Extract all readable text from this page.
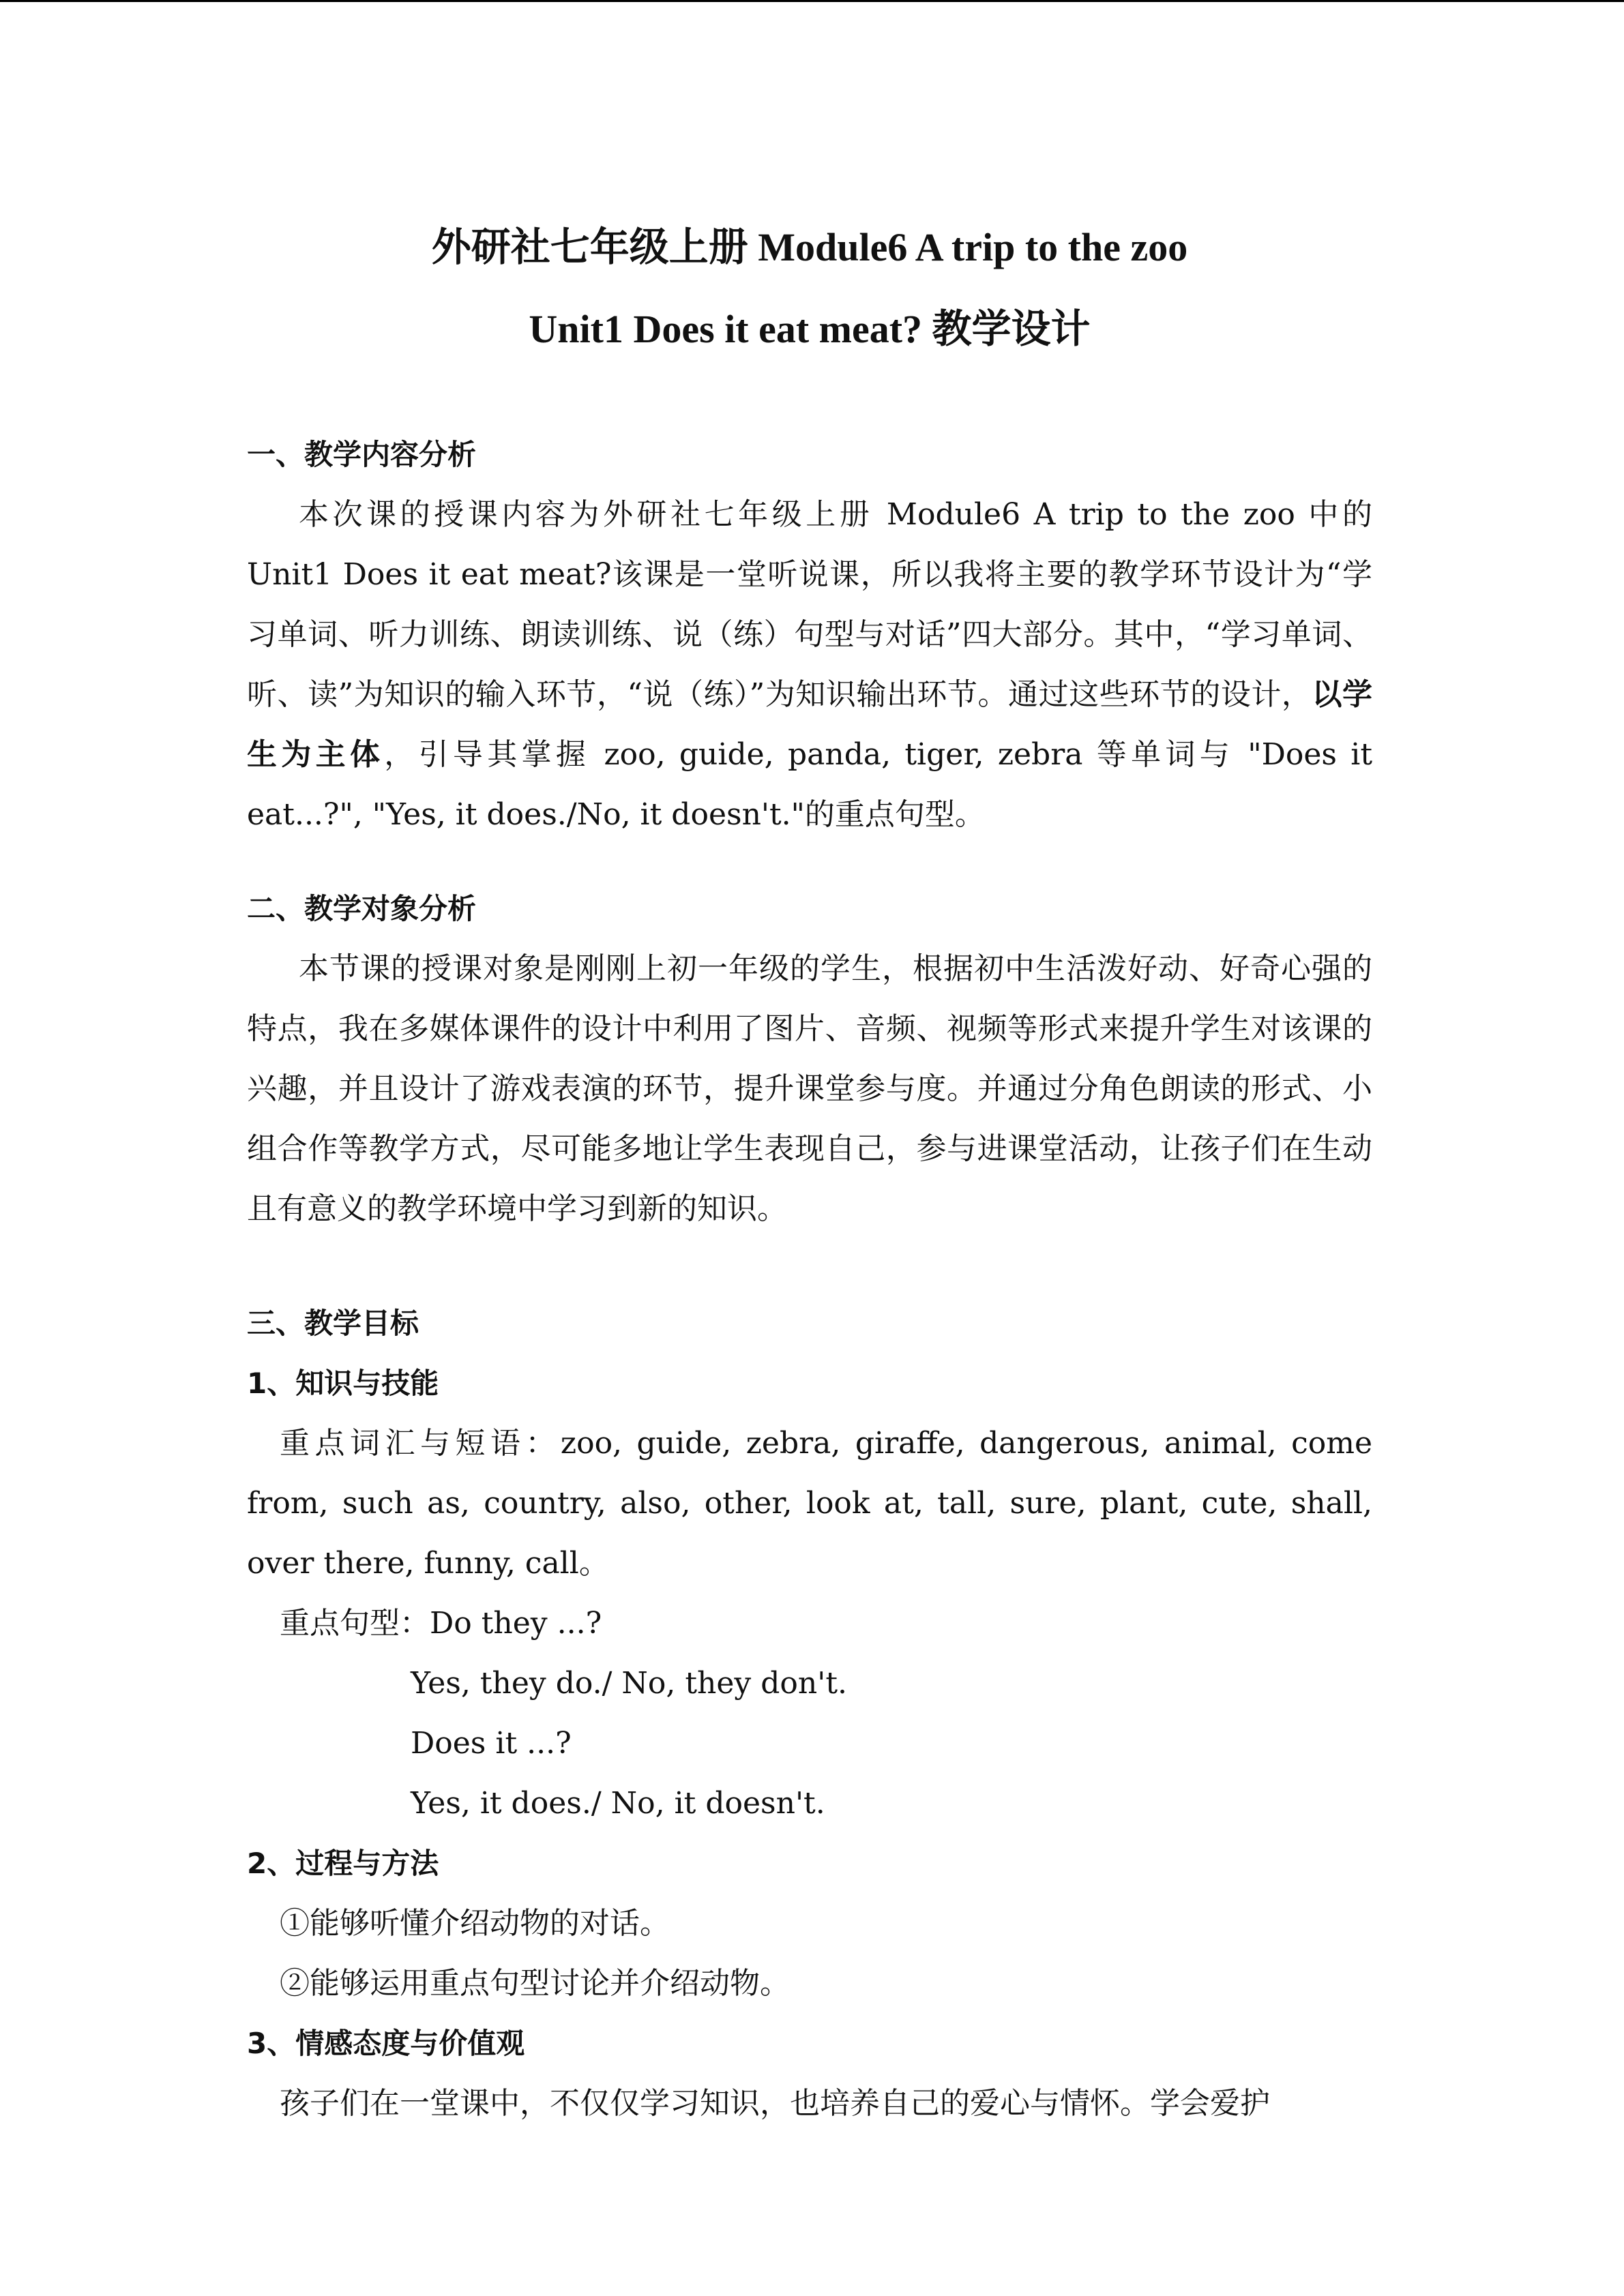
外研社七年级上册 Module6 A trip to the zoo
Unit1 Does it eat meat? 教学设计
一、教学内容分析

本次课的授课内容为外研社七年级上册 Module6 A trip to the zoo 中的 Unit1 Does it eat meat?该课是一堂听说课，所以我将主要的教学环节设计为“学习单词、听力训练、朗读训练、说（练）句型与对话”四大部分。其中，“学习单词、听、读”为知识的输入环节，“说（练）”为知识输出环节。通过这些环节的设计，以学生为主体，引导其掌握 zoo, guide, panda, tiger, zebra 等单词与 "Does it eat...?", "Yes, it does./No, it doesn't."的重点句型。

二、教学对象分析

本节课的授课对象是刚刚上初一年级的学生，根据初中生活泼好动、好奇心强的特点，我在多媒体课件的设计中利用了图片、音频、视频等形式来提升学生对该课的兴趣，并且设计了游戏表演的环节，提升课堂参与度。并通过分角色朗读的形式、小组合作等教学方式，尽可能多地让学生表现自己，参与进课堂活动，让孩子们在生动且有意义的教学环境中学习到新的知识。

三、教学目标
1、知识与技能

重点词汇与短语：zoo, guide, zebra, giraffe, dangerous, animal, come from, such as, country, also, other, look at, tall, sure, plant, cute, shall, over there, funny, call。

重点句型：Do they ...?
Yes, they do./ No, they don't.
Does it ...?
Yes, it does./ No, it doesn't.
2、过程与方法
①能够听懂介绍动物的对话。
②能够运用重点句型讨论并介绍动物。
3、情感态度与价值观
孩子们在一堂课中，不仅仅学习知识，也培养自己的爱心与情怀。学会爱护
